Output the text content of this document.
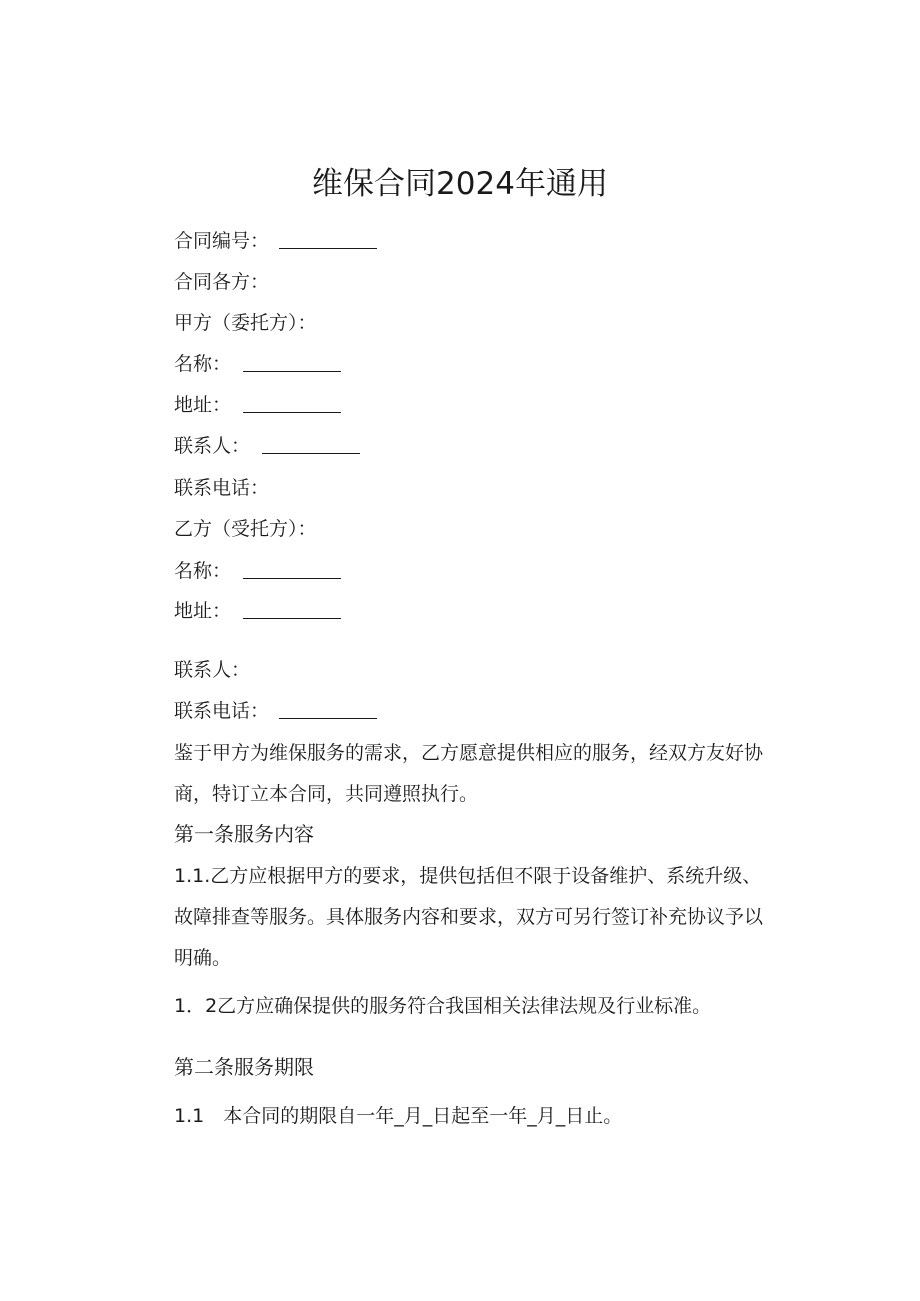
维保合同2024年通用
合同编号：
合同各方：
甲方（委托方）：
名称：
地址：
联系人：
联系电话：
乙方（受托方）：
名称：
地址：
联系人：
联系电话：
鉴于甲方为维保服务的需求，乙方愿意提供相应的服务，经双方友好协商，特订立本合同，共同遵照执行。
第一条服务内容
1.1.乙方应根据甲方的要求，提供包括但不限于设备维护、系统升级、故障排查等服务。具体服务内容和要求，双方可另行签订补充协议予以明确。
1．2乙方应确保提供的服务符合我国相关法律法规及行业标准。
第二条服务期限
1.1　本合同的期限自一年_月_日起至一年_月_日止。
